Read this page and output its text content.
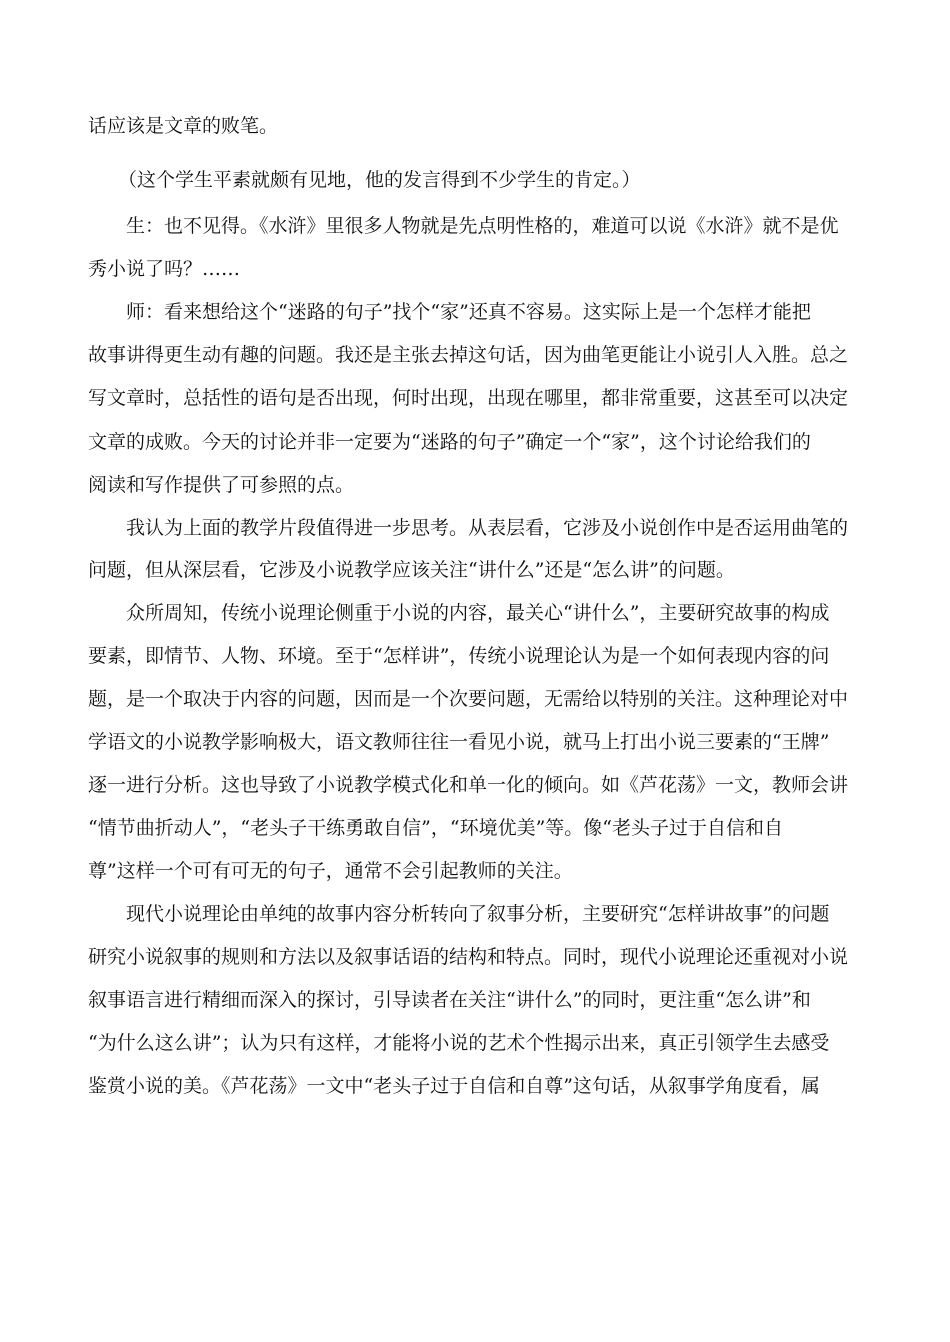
话应该是文章的败笔。
（这个学生平素就颇有见地，他的发言得到不少学生的肯定。）
生：也不见得。《水浒》里很多人物就是先点明性格的，难道可以说《水浒》就不是优
秀小说了吗？……
师：看来想给这个“迷路的句子”找个“家”还真不容易。这实际上是一个怎样才能把
故事讲得更生动有趣的问题。我还是主张去掉这句话，因为曲笔更能让小说引人入胜。总之
写文章时，总括性的语句是否出现，何时出现，出现在哪里，都非常重要，这甚至可以决定
文章的成败。今天的讨论并非一定要为“迷路的句子”确定一个“家”，这个讨论给我们的
阅读和写作提供了可参照的点。
我认为上面的教学片段值得进一步思考。从表层看，它涉及小说创作中是否运用曲笔的
问题，但从深层看，它涉及小说教学应该关注“讲什么”还是“怎么讲”的问题。
众所周知，传统小说理论侧重于小说的内容，最关心“讲什么”，主要研究故事的构成
要素，即情节、人物、环境。至于“怎样讲”，传统小说理论认为是一个如何表现内容的问
题，是一个取决于内容的问题，因而是一个次要问题，无需给以特别的关注。这种理论对中
学语文的小说教学影响极大，语文教师往往一看见小说，就马上打出小说三要素的“王牌”
逐一进行分析。这也导致了小说教学模式化和单一化的倾向。如《芦花荡》一文，教师会讲
“情节曲折动人”，“老头子干练勇敢自信”，“环境优美”等。像“老头子过于自信和自
尊”这样一个可有可无的句子，通常不会引起教师的关注。
现代小说理论由单纯的故事内容分析转向了叙事分析，主要研究“怎样讲故事”的问题
研究小说叙事的规则和方法以及叙事话语的结构和特点。同时，现代小说理论还重视对小说
叙事语言进行精细而深入的探讨，引导读者在关注“讲什么”的同时，更注重“怎么讲”和
“为什么这么讲”；认为只有这样，才能将小说的艺术个性揭示出来，真正引领学生去感受
鉴赏小说的美。《芦花荡》一文中“老头子过于自信和自尊”这句话，从叙事学角度看，属
